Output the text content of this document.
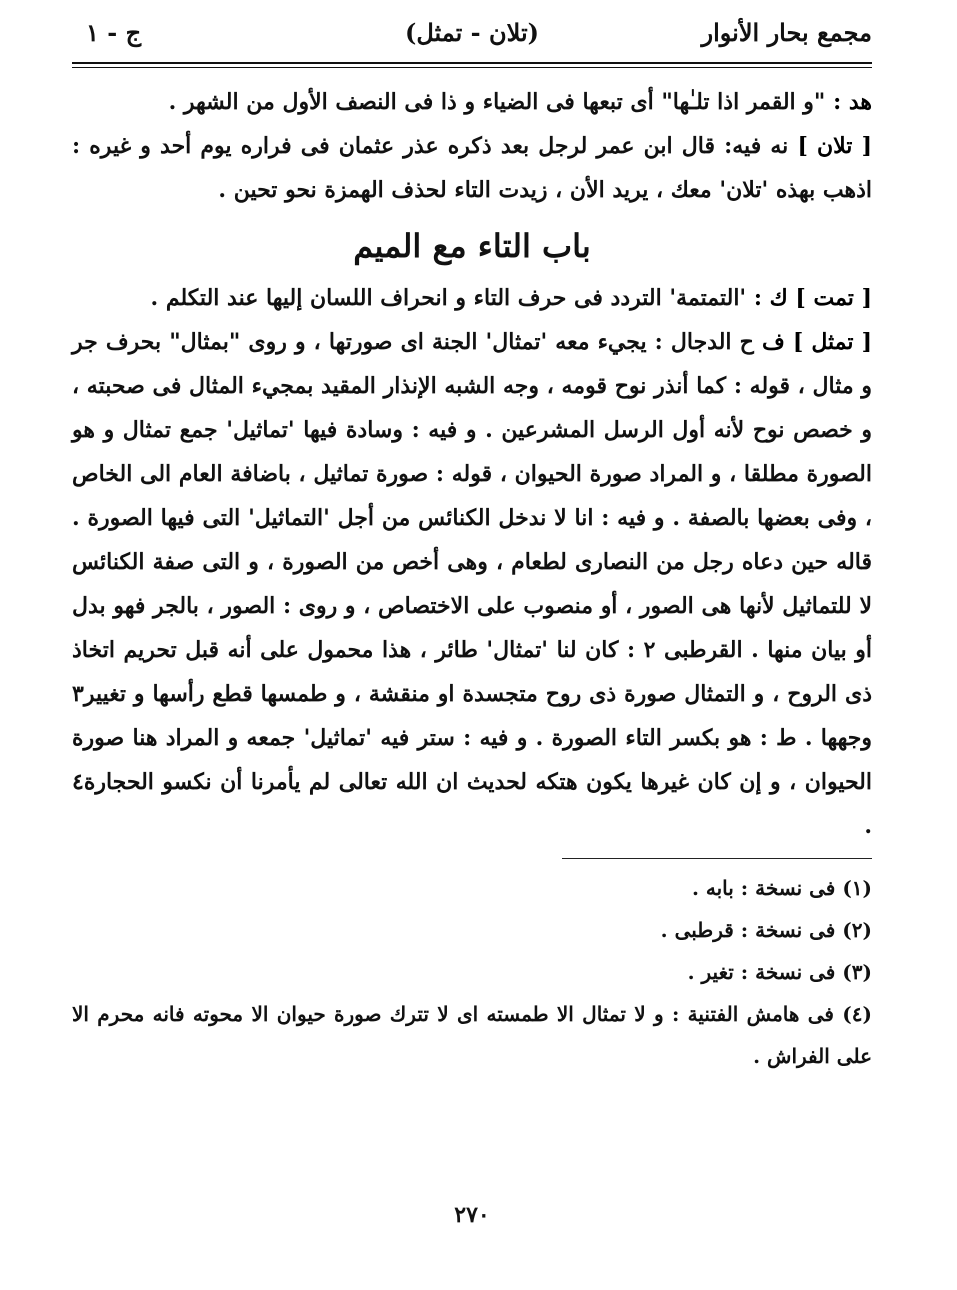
مجمع بحار الأنوار
(تلان - تمثل)
ج - ١

هد : "و القمر اذا تلـٰها" أى تبعها فى الضياء و ذا فى النصف الأول من الشهر .

[ تلان ] نه فيه: قال ابن عمر لرجل بعد ذكره عذر عثمان فى فراره يوم أحد و غيره : اذهب بهذه 'تلان' معك ، يريد الأن ، زيدت التاء لحذف الهمزة نحو تحين .

باب التاء مع الميم

[ تمت ] ك : 'التمتمة' التردد فى حرف التاء و انحراف اللسان إليها عند التكلم .

[ تمثل ] ف ح الدجال : يجيء معه 'تمثال' الجنة اى صورتها ، و روى "بمثال" بحرف جر و مثال ، قوله : كما أنذر نوح قومه ، وجه الشبه الإنذار المقيد بمجيء المثال فى صحبته ، و خصص نوح لأنه أول الرسل المشرعين . و فيه : وسادة فيها 'تماثيل' جمع تمثال و هو الصورة مطلقا ، و المراد صورة الحيوان ، قوله : صورة تماثيل ، باضافة العام الى الخاص ، وفى بعضها بالصفة . و فيه : انا لا ندخل الكنائس من أجل 'التماثيل' التى فيها الصورة . قاله حين دعاه رجل من النصارى لطعام ، وهى أخص من الصورة ، و التى صفة الكنائس لا للتماثيل لأنها هى الصور ، أو منصوب على الاختصاص ، و روى : الصور ، بالجر فهو بدل أو بيان منها . القرطبى ٢ : كان لنا 'تمثال' طائر ، هذا محمول على أنه قبل تحريم اتخاذ ذى الروح ، و التمثال صورة ذى روح متجسدة او منقشة ، و طمسها قطع رأسها و تغيير٣ وجهها . ط : هو بكسر التاء الصورة . و فيه : ستر فيه 'تماثيل' جمعه و المراد هنا صورة الحيوان ، و إن كان غيرها يكون هتكه لحديث ان الله تعالى لم يأمرنا أن نكسو الحجارة٤ .

(١) فى نسخة : بابه .

(٢) فى نسخة : قرطبى .

(٣) فى نسخة : تغير .

(٤) فى هامش الفتنية : و لا تمثال الا طمسته اى لا تترك صورة حيوان الا محوته فانه محرم الا على الفراش .

٢٧٠
